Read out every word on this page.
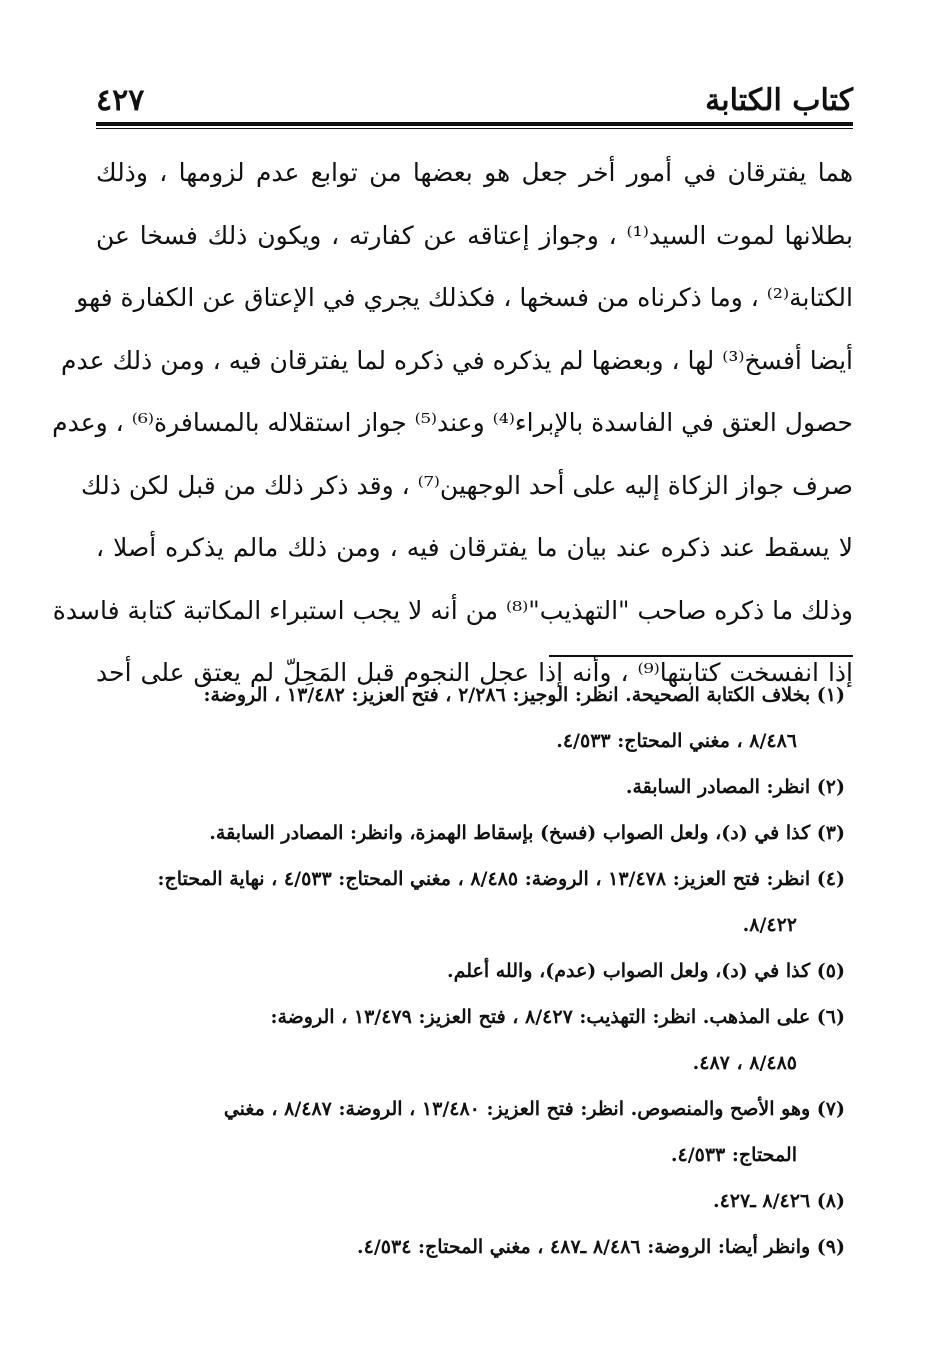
كتاب الكتابة
٤٢٧
هما يفترقان في أمور أخر جعل هو بعضها من توابع عدم لزومها ، وذلك
بطلانها لموت السيد⁽¹⁾ ، وجواز إعتاقه عن كفارته ، ويكون ذلك فسخا عن
الكتابة⁽²⁾ ، وما ذكرناه من فسخها ، فكذلك يجري في الإعتاق عن الكفارة فهو
أيضا أفسخ⁽³⁾ لها ، وبعضها لم يذكره في ذكره لما يفترقان فيه ، ومن ذلك عدم
حصول العتق في الفاسدة بالإبراء⁽⁴⁾ وعند⁽⁵⁾ جواز استقلاله بالمسافرة⁽⁶⁾ ، وعدم
صرف جواز الزكاة إليه على أحد الوجهين⁽⁷⁾ ، وقد ذكر ذلك من قبل لكن ذلك
لا يسقط عند ذكره عند بيان ما يفترقان فيه ، ومن ذلك مالم يذكره أصلا ،
وذلك ما ذكره صاحب "التهذيب"⁽⁸⁾ من أنه لا يجب استبراء المكاتبة كتابة فاسدة
إذا انفسخت كتابتها⁽⁹⁾ ، وأنه إذا عجل النجوم قبل المَحِلّ لم يعتق على أحد
(١) بخلاف الكتابة الصحيحة. انظر: الوجيز: ٢/٢٨٦ ، فتح العزيز: ١٣/٤٨٢ ، الروضة:
٨/٤٨٦ ، مغني المحتاج: ٤/٥٣٣.
(٢) انظر: المصادر السابقة.
(٣) كذا في (د)، ولعل الصواب (فسخ) بإسقاط الهمزة، وانظر: المصادر السابقة.
(٤) انظر: فتح العزيز: ١٣/٤٧٨ ، الروضة: ٨/٤٨٥ ، مغني المحتاج: ٤/٥٣٣ ، نهاية المحتاج:
٨/٤٢٢.
(٥) كذا في (د)، ولعل الصواب (عدم)، والله أعلم.
(٦) على المذهب. انظر: التهذيب: ٨/٤٢٧ ، فتح العزيز: ١٣/٤٧٩ ، الروضة:
٨/٤٨٥ ، ٤٨٧.
(٧) وهو الأصح والمنصوص. انظر: فتح العزيز: ١٣/٤٨٠ ، الروضة: ٨/٤٨٧ ، مغني
المحتاج: ٤/٥٣٣.
(٨) ٨/٤٢٦ ـ٤٢٧.
(٩) وانظر أيضا: الروضة: ٨/٤٨٦ ـ٤٨٧ ، مغني المحتاج: ٤/٥٣٤.
